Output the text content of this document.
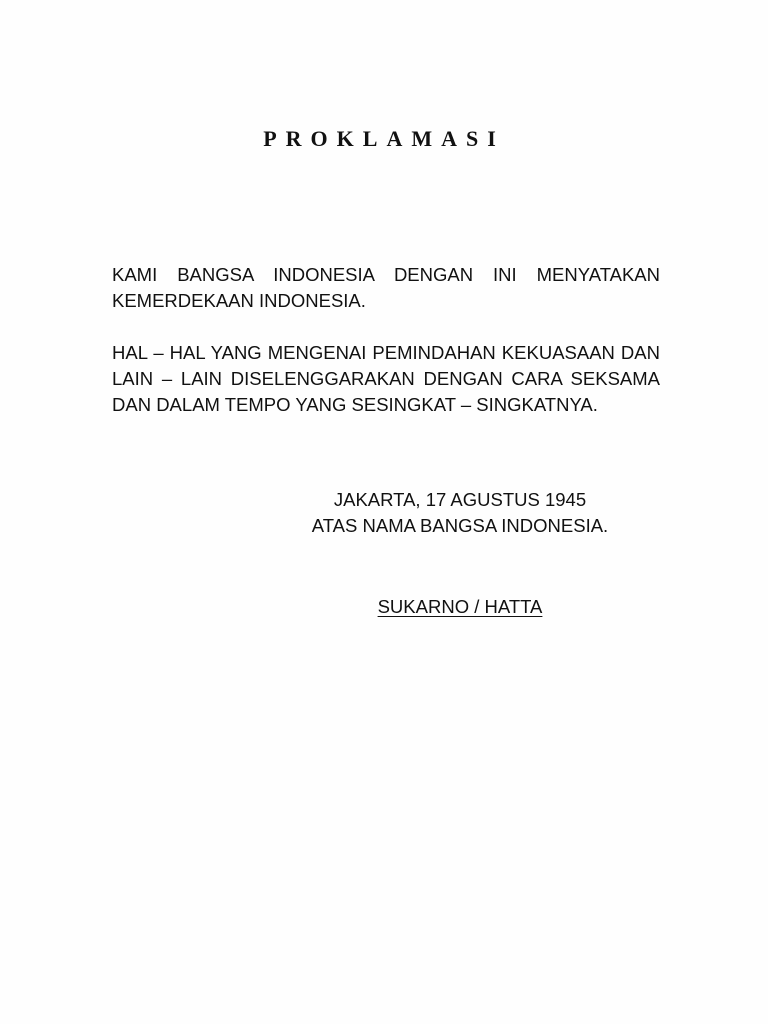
PROKLAMASI

KAMI BANGSA INDONESIA DENGAN INI MENYATAKAN KEMERDEKAAN INDONESIA.

HAL – HAL YANG MENGENAI PEMINDAHAN KEKUASAAN DAN LAIN – LAIN DISELENGGARAKAN DENGAN CARA SEKSAMA DAN DALAM TEMPO YANG SESINGKAT – SINGKATNYA.

JAKARTA, 17 AGUSTUS 1945
ATAS NAMA BANGSA INDONESIA.
SUKARNO / HATTA
